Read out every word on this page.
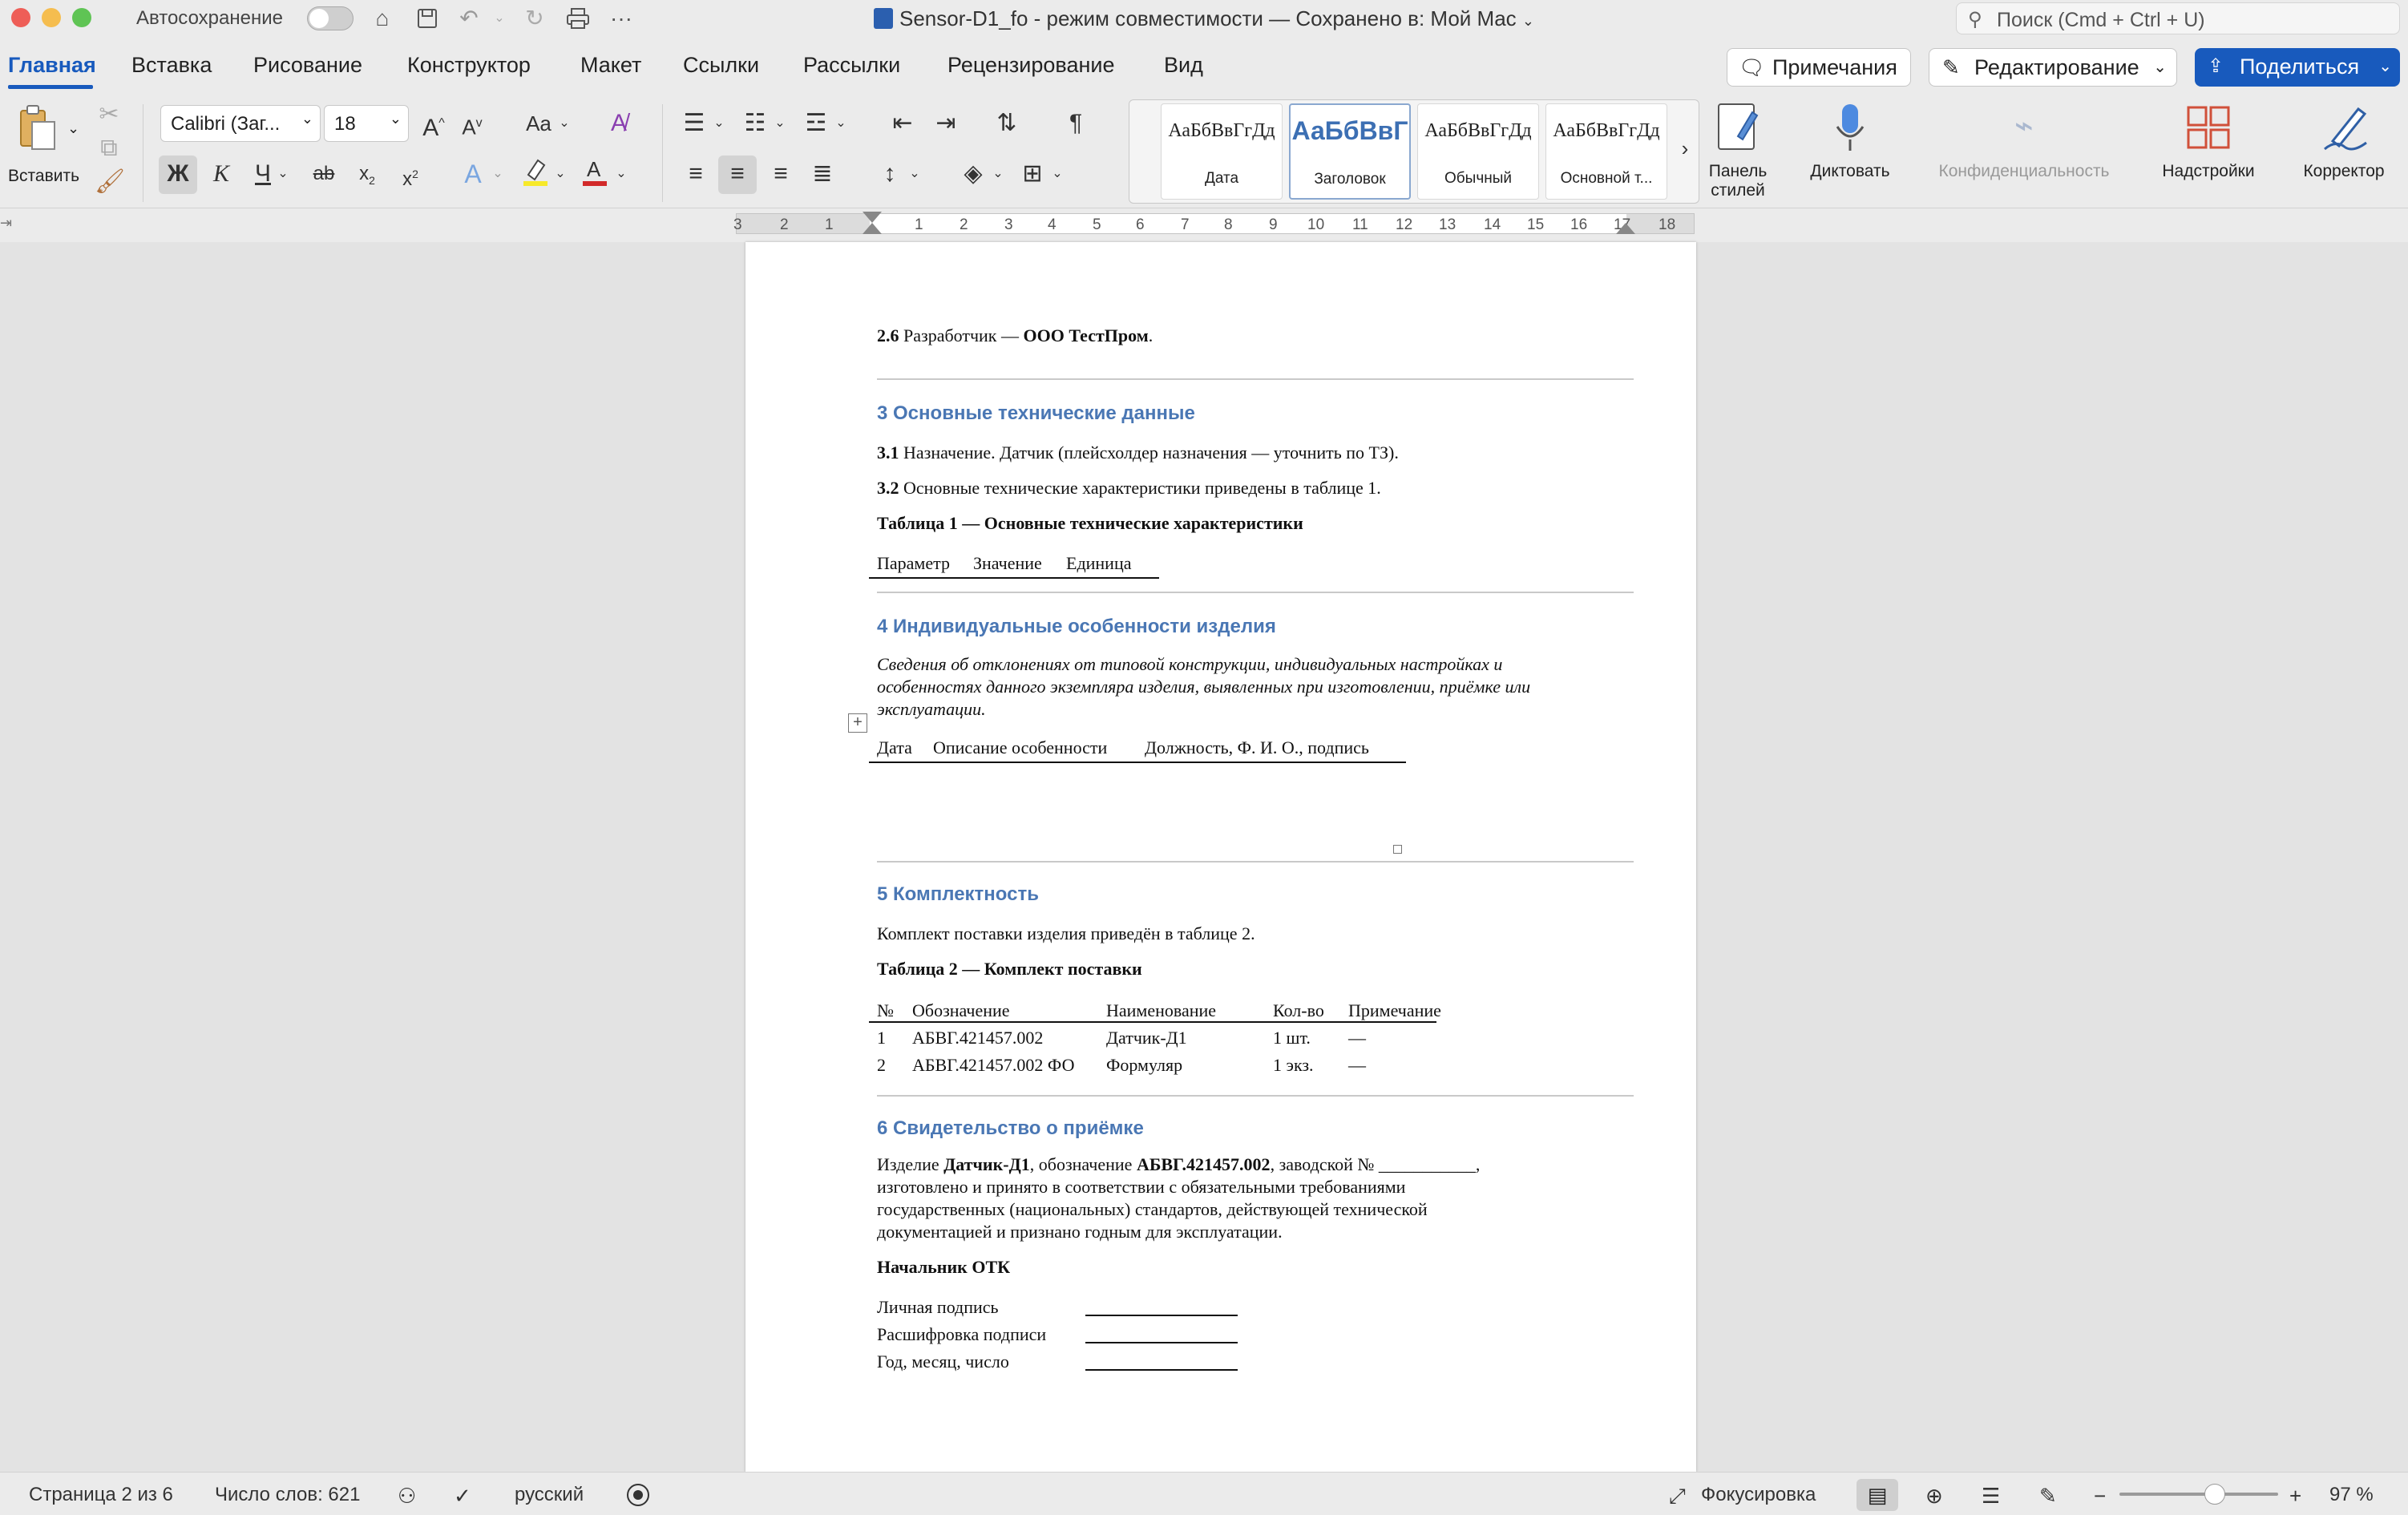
Автосохранение	⌂	↶	⌄ ↻	···	Sensor-D1_fo - режим совместимости — Сохранено в: Мой Mac ⌄	⚲ Поиск (Cmd + Ctrl + U)
Главная Вставка Рисование Конструктор Макет Ссылки Рассылки Рецензирование Вид	🗨 Примечания	✎ Редактирование ⌄ ⇪ Поделиться ⌄
⌄
Вставить
✂
⧉
🖌
Calibri (Заг... ⌄ 18 ⌄ A^ $A^v$ Aa ⌄	A̸
Ж	К	Ч ⌄	ab	$x_2$	$x^2$	A ⌄	⌄ A ⌄
☰ ⌄ ☷ ⌄ ☲ ⌄ ⇤ ⇥ ⇅	¶
≡	≡	≡	≣	↕	⌄ ◈ ⌄ ⊞ ⌄
АаБбВвГгДд
Дата
АаБбВвГ
Заголовок
АаБбВвГгДд
Обычный
АаБбВвГгДд
Основной т...
›
Панель стилей
Диктовать
⌁
Конфиденциальность	Надстройки	Корректор
⇥	3 2 1	1 2 3 4 5 6 7 8 9 10 11 12 13 14 15 16 17 18
2.6 Разработчик — ООО ТестПром.
3 Основные технические данные
3.1 Назначение. Датчик (плейсхолдер назначения — уточнить по ТЗ).
3.2 Основные технические характеристики приведены в таблице 1.
Таблица 1 — Основные технические характеристики
Параметр Значение Единица
4 Индивидуальные особенности изделия
Сведения об отклонениях от типовой конструкции, индивидуальных настройках и
особенностях данного экземпляра изделия, выявленных при изготовлении, приёмке или
эксплуатации.
+
Дата Описание особенности Должность, Ф. И. О., подпись
5 Комплектность
Комплект поставки изделия приведён в таблице 2.
Таблица 2 — Комплект поставки
№ Обозначение	Наименование	Кол-во Примечание
1 АБВГ.421457.002	Датчик-Д1	1 шт. —
2 АБВГ.421457.002 ФО Формуляр	1 экз. —
6 Свидетельство о приёмке
Изделие Датчик-Д1, обозначение АБВГ.421457.002, заводской № ___________,
изготовлено и принято в соответствии с обязательными требованиями
государственных (национальных) стандартов, действующей технической
документацией и признано годным для эксплуатации.
Начальник ОТК
Личная подпись
Расшифровка подписи
Год, месяц, число
Страница 2 из 6 Число слов: 621 ⚇ ✓ русский	⤢ Фокусировка	▤	⊕ ☰ ✎ −	+ 97 %
